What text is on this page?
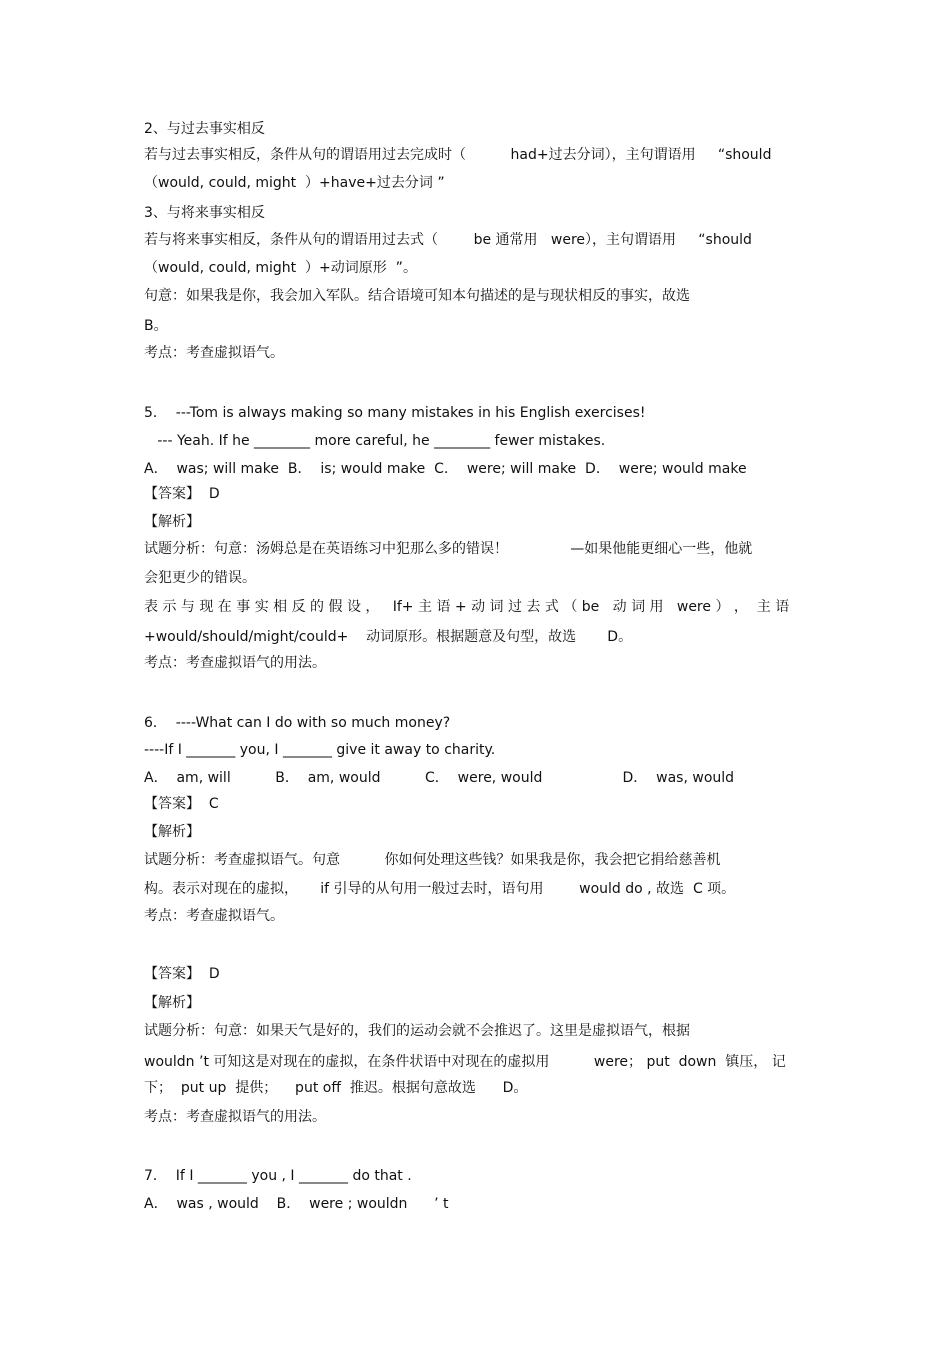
2、与过去事实相反

若与过去事实相反，条件从句的谓语用过去完成时（          had+过去分词），主句谓语用     “should

（would, could, might  ）+have+过去分词 ”

3、与将来事实相反

若与将来事实相反，条件从句的谓语用过去式（        be 通常用   were），主句谓语用     “should

（would, could, might  ）+动词原形  ”。

句意：如果我是你，我会加入军队。结合语境可知本句描述的是与现状相反的事实，故选

B。

考点：考查虚拟语气。

5．  ---Tom is always making so many mistakes in his English exercises!

--- Yeah. If he ________ more careful, he ________ fewer mistakes.

A．  was; will make  B．  is; would make  C．  were; will make  D．  were; would make

【答案】  D

【解析】

试题分析：句意：汤姆总是在英语练习中犯那么多的错误！              —如果他能更细心一些，他就

会犯更少的错误。

表 示 与 现 在 事 实 相 反 的 假 设 ，   If+ 主 语 + 动 词 过 去 式 （ be   动 词 用   were ） ，  主 语

+would/should/might/could+    动词原形。根据题意及句型，故选       D。

考点：考查虚拟语气的用法。

6．  ----What can I do with so much money?

----If I _______ you, I _______ give it away to charity.

A．  am, will          B．  am, would          C．  were, would                  D．  was, would

【答案】  C

【解析】

试题分析：考查虚拟语气。句意          你如何处理这些钱？如果我是你，我会把它捐给慈善机

构。表示对现在的虚拟，     if 引导的从句用一般过去时，语句用        would do , 故选  C 项。

考点：考查虚拟语气。

【答案】  D

【解析】

试题分析：句意：如果天气是好的，我们的运动会就不会推迟了。这里是虚拟语气，根据

wouldn ’t 可知这是对现在的虚拟，在条件状语中对现在的虚拟用          were； put  down  镇压， 记

下；  put up  提供；    put off  推迟。根据句意故选      D。

考点：考查虚拟语气的用法。

7．  If I _______ you , I _______ do that .

A．  was , would    B．  were ; wouldn      ’ t
